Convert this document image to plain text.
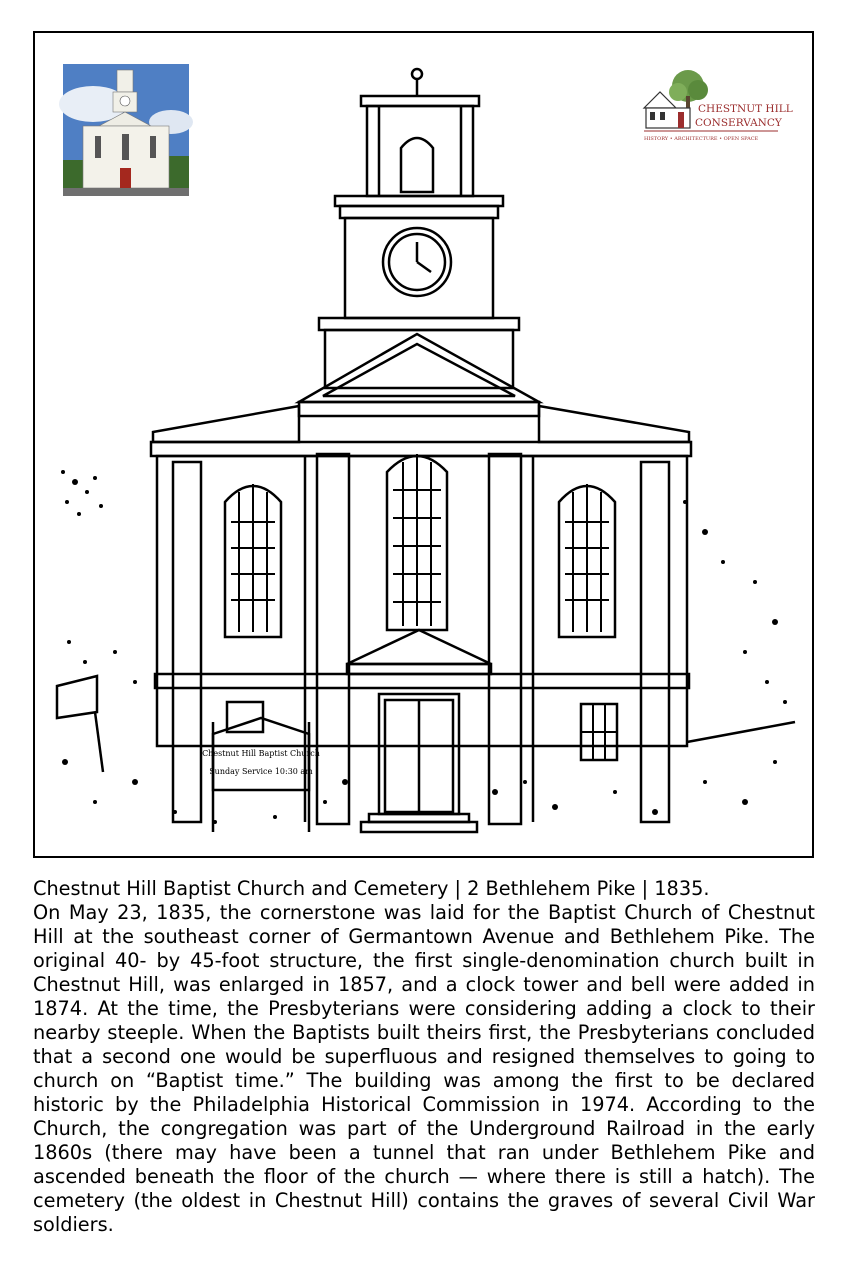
Chestnut Hill Baptist Church
Sunday Service 10:30 am
CHESTNUT HILL
CONSERVANCY
HISTORY • ARCHITECTURE • OPEN SPACE
Chestnut Hill Baptist Church and Cemetery | 2 Bethlehem Pike | 1835.
On May 23, 1835, the cornerstone was laid for the Baptist Church of Chestnut Hill at the southeast corner of Germantown Avenue and Bethlehem Pike. The original 40- by 45-foot structure, the first single-denomination church built in Chestnut Hill, was enlarged in 1857, and a clock tower and bell were added in 1874. At the time, the Presbyterians were considering adding a clock to their nearby steeple. When the Baptists built theirs first, the Presbyterians concluded that a second one would be superfluous and resigned themselves to going to church on “Baptist time.” The building was among the first to be declared historic by the Philadelphia Historical Commission in 1974. According to the Church, the congregation was part of the Underground Railroad in the early 1860s (there may have been a tunnel that ran under Bethlehem Pike and ascended beneath the floor of the church — where there is still a hatch). The cemetery (the oldest in Chestnut Hill) contains the graves of several Civil War soldiers.
